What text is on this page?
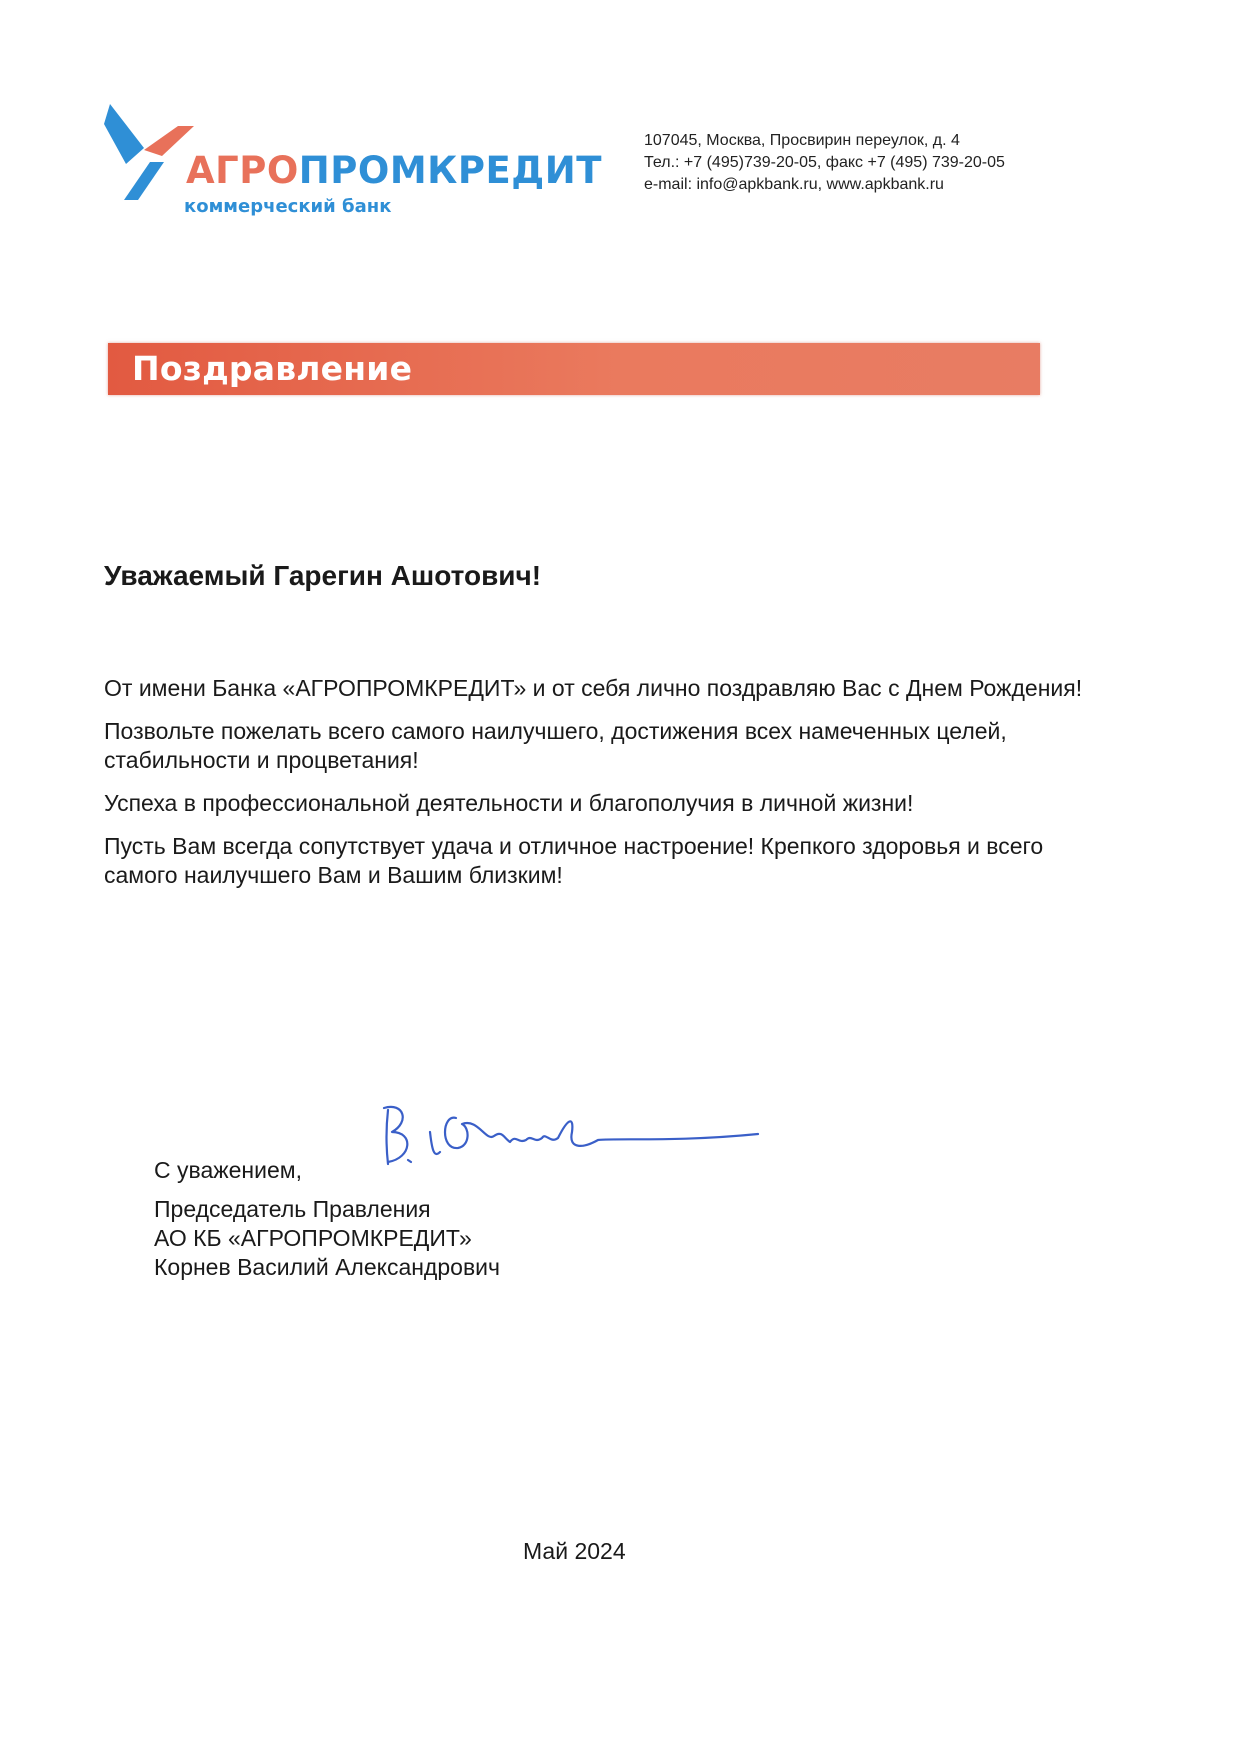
АГРОПРОМКРЕДИТ
коммерческий банк
107045, Москва, Просвирин переулок, д. 4
Тел.: +7 (495)739-20-05, факс +7 (495) 739-20-05
e-mail: info@apkbank.ru, www.apkbank.ru
Поздравление
Уважаемый Гарегин Ашотович!

От имени Банка «АГРОПРОМКРЕДИТ» и от себя лично поздравляю Вас с Днем Рождения!

Позвольте пожелать всего самого наилучшего, достижения всех намеченных целей, стабильности и процветания!

Успеха в профессиональной деятельности и благополучия в личной жизни!

Пусть Вам всегда сопутствует удача и отличное настроение! Крепкого здоровья и всего самого наилучшего Вам и Вашим близким!

С уважением,
Председатель Правления
АО КБ «АГРОПРОМКРЕДИТ»
Корнев Василий Александрович
Май 2024
